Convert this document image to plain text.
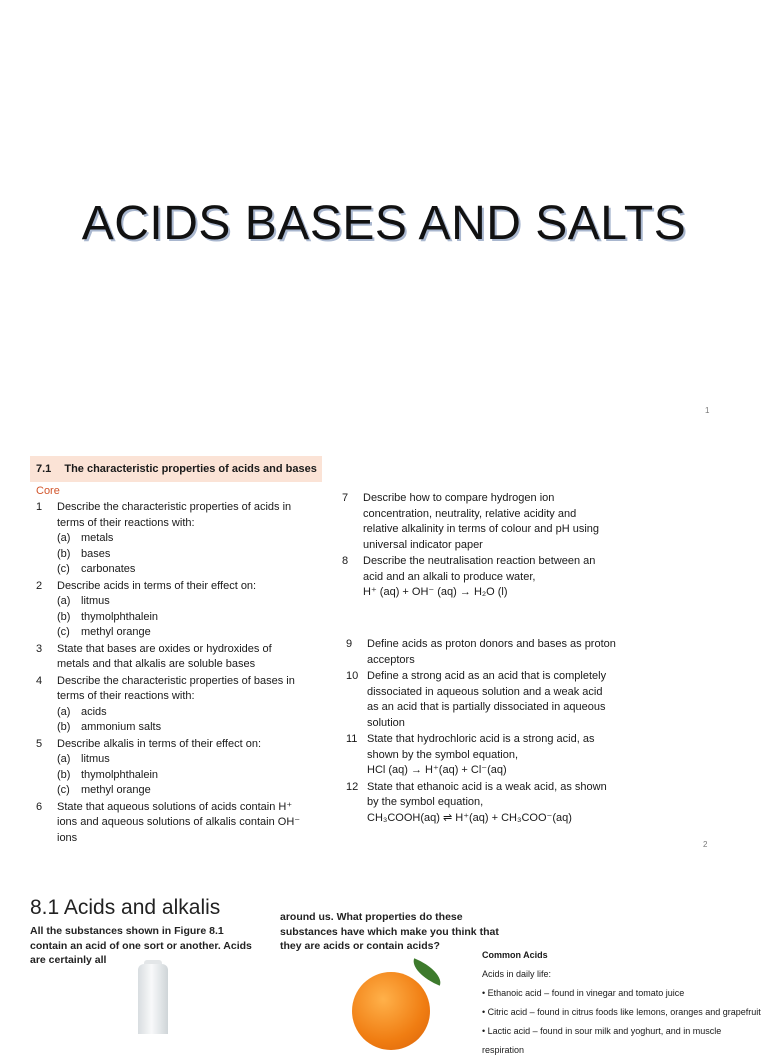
ACIDS BASES AND SALTS
1
7.1 The characteristic properties of acids and bases
Core
1	Describe the characteristic properties of acids in terms of their reactions with:
(a) metals
(b) bases
(c)	carbonates
2	Describe acids in terms of their effect on:
(a) litmus
(b) thymolphthalein
(c)	methyl orange
3	State that bases are oxides or hydroxides of metals and that alkalis are soluble bases
4	Describe the characteristic properties of bases in terms of their reactions with:
(a) acids
(b) ammonium salts
5	Describe alkalis in terms of their effect on:
(a) litmus
(b) thymolphthalein
(c)	methyl orange
6	State that aqueous solutions of acids contain H⁺ ions and aqueous solutions of alkalis contain OH⁻ ions
7	Describe how to compare hydrogen ion concentration, neutrality, relative acidity and relative alkalinity in terms of colour and pH using universal indicator paper
8	Describe the neutralisation reaction between an acid and an alkali to produce water,
H⁺ (aq) + OH⁻ (aq) → H₂O (l)
9	Define acids as proton donors and bases as proton acceptors
10 Define a strong acid as an acid that is completely dissociated in aqueous solution and a weak acid as an acid that is partially dissociated in aqueous solution
11 State that hydrochloric acid is a strong acid, as shown by the symbol equation,
HCl (aq) → H⁺(aq) + Cl⁻(aq)
12 State that ethanoic acid is a weak acid, as shown by the symbol equation,
CH₃COOH(aq) ⇌ H⁺(aq) + CH₃COO⁻(aq)
2
8.1 Acids and alkalis
All the substances shown in Figure 8.1 contain an acid of one sort or another. Acids are certainly all
around us. What properties do these substances have which make you think that they are acids or contain acids?
Common Acids
Acids in daily life:
• Ethanoic acid – found in vinegar and tomato juice
• Citric acid – found in citrus foods like lemons, oranges and grapefruit
• Lactic acid – found in sour milk and yoghurt, and in muscle respiration
